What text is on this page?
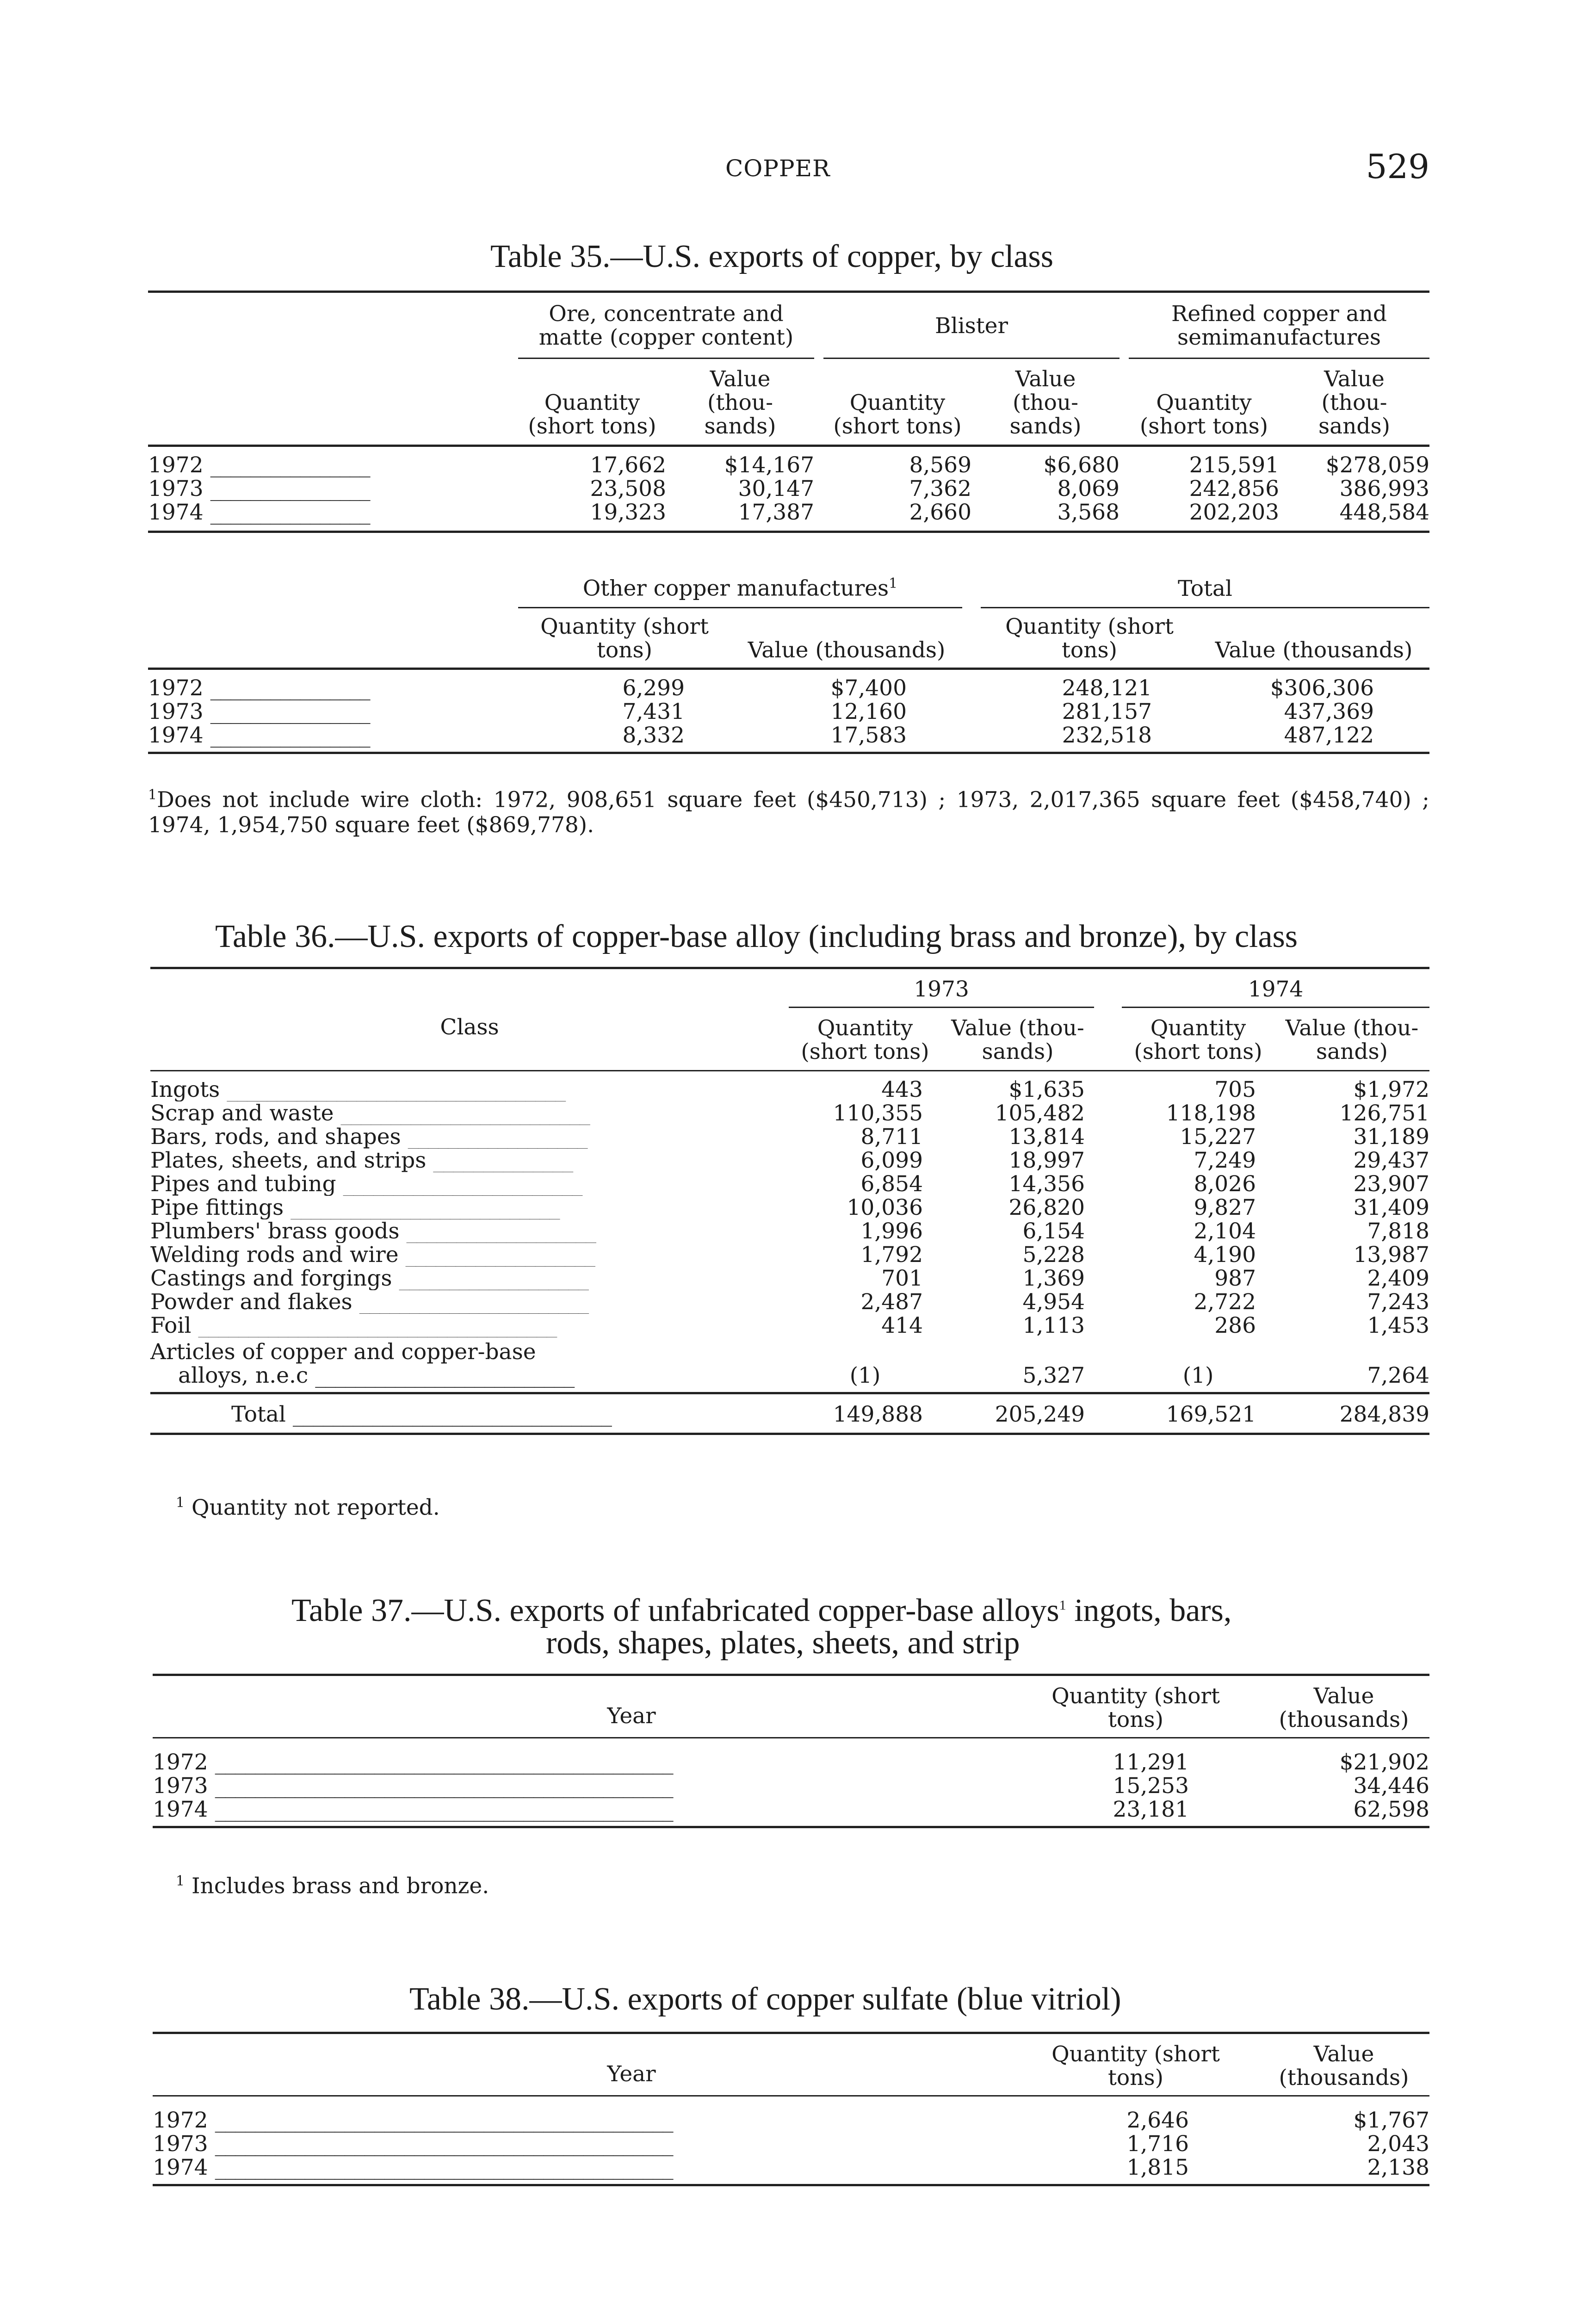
COPPER	529
Table 35.—U.S. exports of copper, by class
	Ore, concentrate and matte (copper content)			Blister			Refined copper and semimanufactures	
	Quantity (short tons)	Value (thou- sands)		Quantity (short tons)	Value (thou- sands)		Quantity (short tons)	Value (thou- sands)
1972 ________________	17,662	$14,167		8,569	$6,680		215,591	$278,059
1973 ________________	23,508	30,147		7,362	8,069		242,856	386,993
1974 ________________	19,323	17,387		2,660	3,568		202,203	448,584
	Other copper manufactures$^1$			Total	
	Quantity (short tons)	Value (thousands)		Quantity (short tons)	Value (thousands)
1972 ________________	6,299	$7,400		248,121	$306,306
1973 ________________	7,431	12,160		281,157	437,369
1974 ________________	8,332	17,583		232,518	487,122
$^1$Does not include wire cloth: 1972, 908,651 square feet ($450,713) ; 1973, 2,017,365 square feet ($458,740) ; 1974, 1,954,750 square feet ($869,778).
Table 36.—U.S. exports of copper-base alloy (including brass and bronze), by class
Class	1973			1974	
	Quantity (short tons)	Value (thou- sands)		Quantity (short tons)	Value (thou- sands)

Ingots __________________________________	443	$1,635		705	$1,972
Scrap and waste _________________________	110,355	105,482		118,198	126,751
Bars, rods, and shapes __________________	8,711	13,814		15,227	31,189
Plates, sheets, and strips ______________	6,099	18,997		7,249	29,437
Pipes and tubing ________________________	6,854	14,356		8,026	23,907
Pipe fittings ___________________________	10,036	26,820		9,827	31,409
Plumbers' brass goods ___________________	1,996	6,154		2,104	7,818
Welding rods and wire ___________________	1,792	5,228		4,190	13,987
Castings and forgings ___________________	701	1,369		987	2,409
Powder and flakes _______________________	2,487	4,954		2,722	7,243
Foil ____________________________________	414	1,113		286	1,453
Articles of copper and copper-base					
alloys, n.e.c __________________________	(1)	5,327		(1)	7,264
Total ________________________________	149,888	205,249		169,521	284,839
$^1$ Quantity not reported.
Table 37.—U.S. exports of unfabricated copper-base alloys$^1$ ingots, bars,
rods, shapes, plates, sheets, and strip
Year	Quantity (short tons)	Value (thousands)
1972 ______________________________________________	11,291	$21,902
1973 ______________________________________________	15,253	34,446
1974 ______________________________________________	23,181	62,598
$^1$ Includes brass and bronze.
Table 38.—U.S. exports of copper sulfate (blue vitriol)
Year	Quantity (short tons)	Value (thousands)
1972 ______________________________________________	2,646	$1,767
1973 ______________________________________________	1,716	2,043
1974 ______________________________________________	1,815	2,138
